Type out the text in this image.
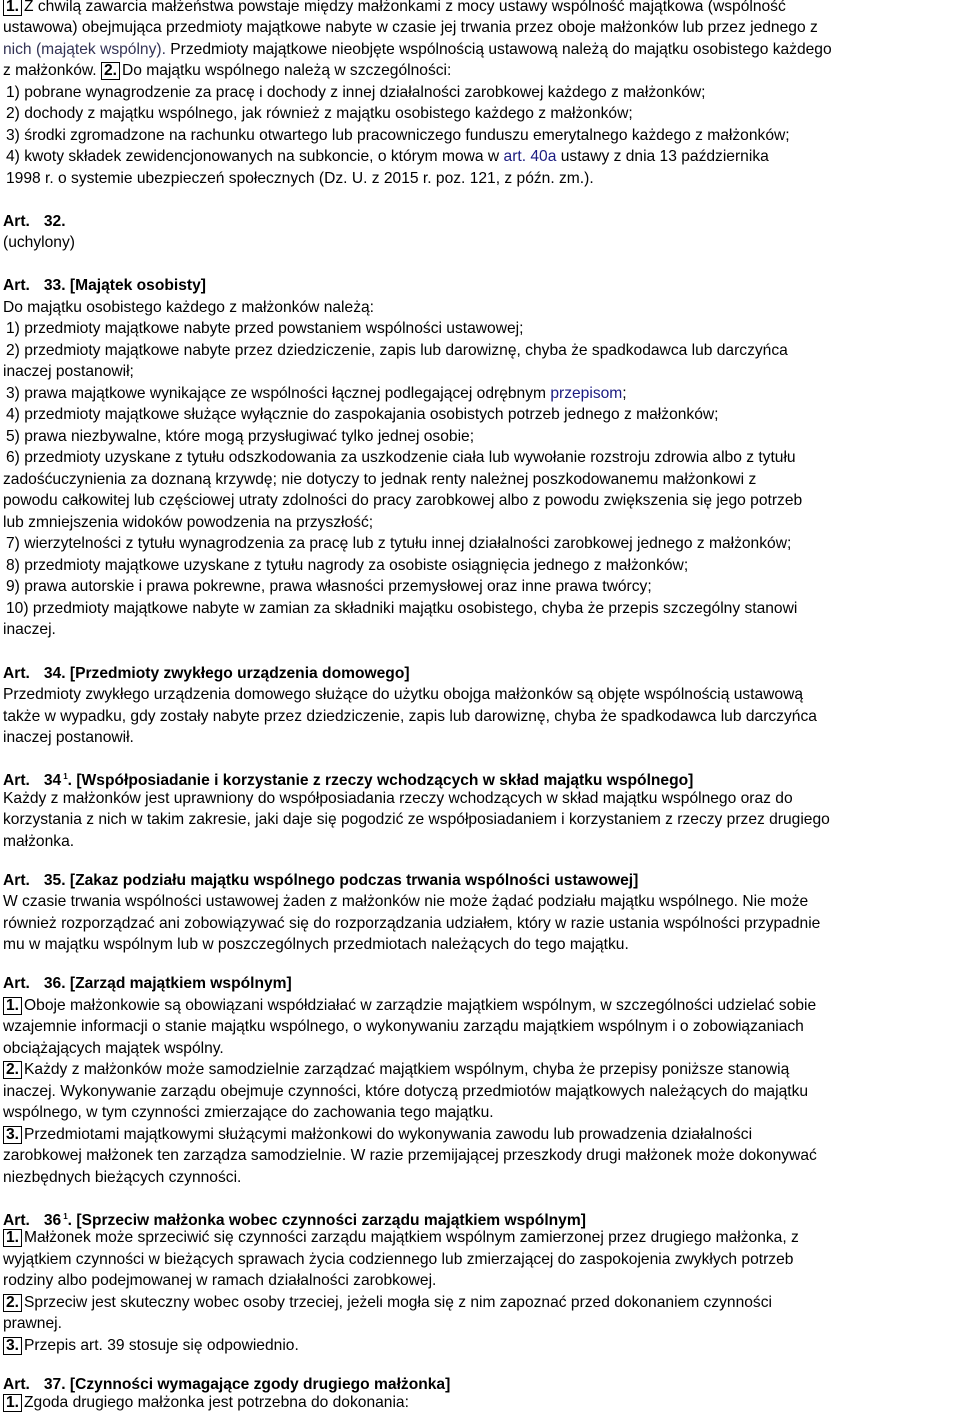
1. Z chwilą zawarcia małżeństwa powstaje między małżonkami z mocy ustawy wspólność majątkowa (wspólność
ustawowa) obejmująca przedmioty majątkowe nabyte w czasie jej trwania przez oboje małżonków lub przez jednego z
nich (majątek wspólny). Przedmioty majątkowe nieobjęte wspólnością ustawową należą do majątku osobistego każdego
z małżonków. 2. Do majątku wspólnego należą w szczególności:
1) pobrane wynagrodzenie za pracę i dochody z innej działalności zarobkowej każdego z małżonków;
2) dochody z majątku wspólnego, jak również z majątku osobistego każdego z małżonków;
3) środki zgromadzone na rachunku otwartego lub pracowniczego funduszu emerytalnego każdego z małżonków;
4) kwoty składek zewidencjonowanych na subkoncie, o którym mowa w art. 40a ustawy z dnia 13 października
1998 r. o systemie ubezpieczeń społecznych (Dz. U. z 2015 r. poz. 121, z późn. zm.).
Art. 32.
(uchylony)
Art. 33. [Majątek osobisty]
Do majątku osobistego każdego z małżonków należą:
1) przedmioty majątkowe nabyte przed powstaniem wspólności ustawowej;
2) przedmioty majątkowe nabyte przez dziedziczenie, zapis lub darowiznę, chyba że spadkodawca lub darczyńca
inaczej postanowił;
3) prawa majątkowe wynikające ze wspólności łącznej podlegającej odrębnym przepisom;
4) przedmioty majątkowe służące wyłącznie do zaspokajania osobistych potrzeb jednego z małżonków;
5) prawa niezbywalne, które mogą przysługiwać tylko jednej osobie;
6) przedmioty uzyskane z tytułu odszkodowania za uszkodzenie ciała lub wywołanie rozstroju zdrowia albo z tytułu
zadośćuczynienia za doznaną krzywdę; nie dotyczy to jednak renty należnej poszkodowanemu małżonkowi z
powodu całkowitej lub częściowej utraty zdolności do pracy zarobkowej albo z powodu zwiększenia się jego potrzeb
lub zmniejszenia widoków powodzenia na przyszłość;
7) wierzytelności z tytułu wynagrodzenia za pracę lub z tytułu innej działalności zarobkowej jednego z małżonków;
8) przedmioty majątkowe uzyskane z tytułu nagrody za osobiste osiągnięcia jednego z małżonków;
9) prawa autorskie i prawa pokrewne, prawa własności przemysłowej oraz inne prawa twórcy;
10) przedmioty majątkowe nabyte w zamian za składniki majątku osobistego, chyba że przepis szczególny stanowi
inaczej.
Art. 34. [Przedmioty zwykłego urządzenia domowego]
Przedmioty zwykłego urządzenia domowego służące do użytku obojga małżonków są objęte wspólnością ustawową
także w wypadku, gdy zostały nabyte przez dziedziczenie, zapis lub darowiznę, chyba że spadkodawca lub darczyńca
inaczej postanowił.
Art. 34 $^1$. [Współposiadanie i korzystanie z rzeczy wchodzących w skład majątku wspólnego]
Każdy z małżonków jest uprawniony do współposiadania rzeczy wchodzących w skład majątku wspólnego oraz do
korzystania z nich w takim zakresie, jaki daje się pogodzić ze współposiadaniem i korzystaniem z rzeczy przez drugiego
małżonka.
Art. 35. [Zakaz podziału majątku wspólnego podczas trwania wspólności ustawowej]
W czasie trwania wspólności ustawowej żaden z małżonków nie może żądać podziału majątku wspólnego. Nie może
również rozporządzać ani zobowiązywać się do rozporządzania udziałem, który w razie ustania wspólności przypadnie
mu w majątku wspólnym lub w poszczególnych przedmiotach należących do tego majątku.
Art. 36. [Zarząd majątkiem wspólnym]
1. Oboje małżonkowie są obowiązani współdziałać w zarządzie majątkiem wspólnym, w szczególności udzielać sobie
wzajemnie informacji o stanie majątku wspólnego, o wykonywaniu zarządu majątkiem wspólnym i o zobowiązaniach
obciążających majątek wspólny.
2. Każdy z małżonków może samodzielnie zarządzać majątkiem wspólnym, chyba że przepisy poniższe stanowią
inaczej. Wykonywanie zarządu obejmuje czynności, które dotyczą przedmiotów majątkowych należących do majątku
wspólnego, w tym czynności zmierzające do zachowania tego majątku.
3. Przedmiotami majątkowymi służącymi małżonkowi do wykonywania zawodu lub prowadzenia działalności
zarobkowej małżonek ten zarządza samodzielnie. W razie przemijającej przeszkody drugi małżonek może dokonywać
niezbędnych bieżących czynności.
Art. 36 $^1$. [Sprzeciw małżonka wobec czynności zarządu majątkiem wspólnym]
1. Małżonek może sprzeciwić się czynności zarządu majątkiem wspólnym zamierzonej przez drugiego małżonka, z
wyjątkiem czynności w bieżących sprawach życia codziennego lub zmierzającej do zaspokojenia zwykłych potrzeb
rodziny albo podejmowanej w ramach działalności zarobkowej.
2. Sprzeciw jest skuteczny wobec osoby trzeciej, jeżeli mogła się z nim zapoznać przed dokonaniem czynności
prawnej.
3. Przepis art. 39 stosuje się odpowiednio.
Art. 37. [Czynności wymagające zgody drugiego małżonka]
1. Zgoda drugiego małżonka jest potrzebna do dokonania:
